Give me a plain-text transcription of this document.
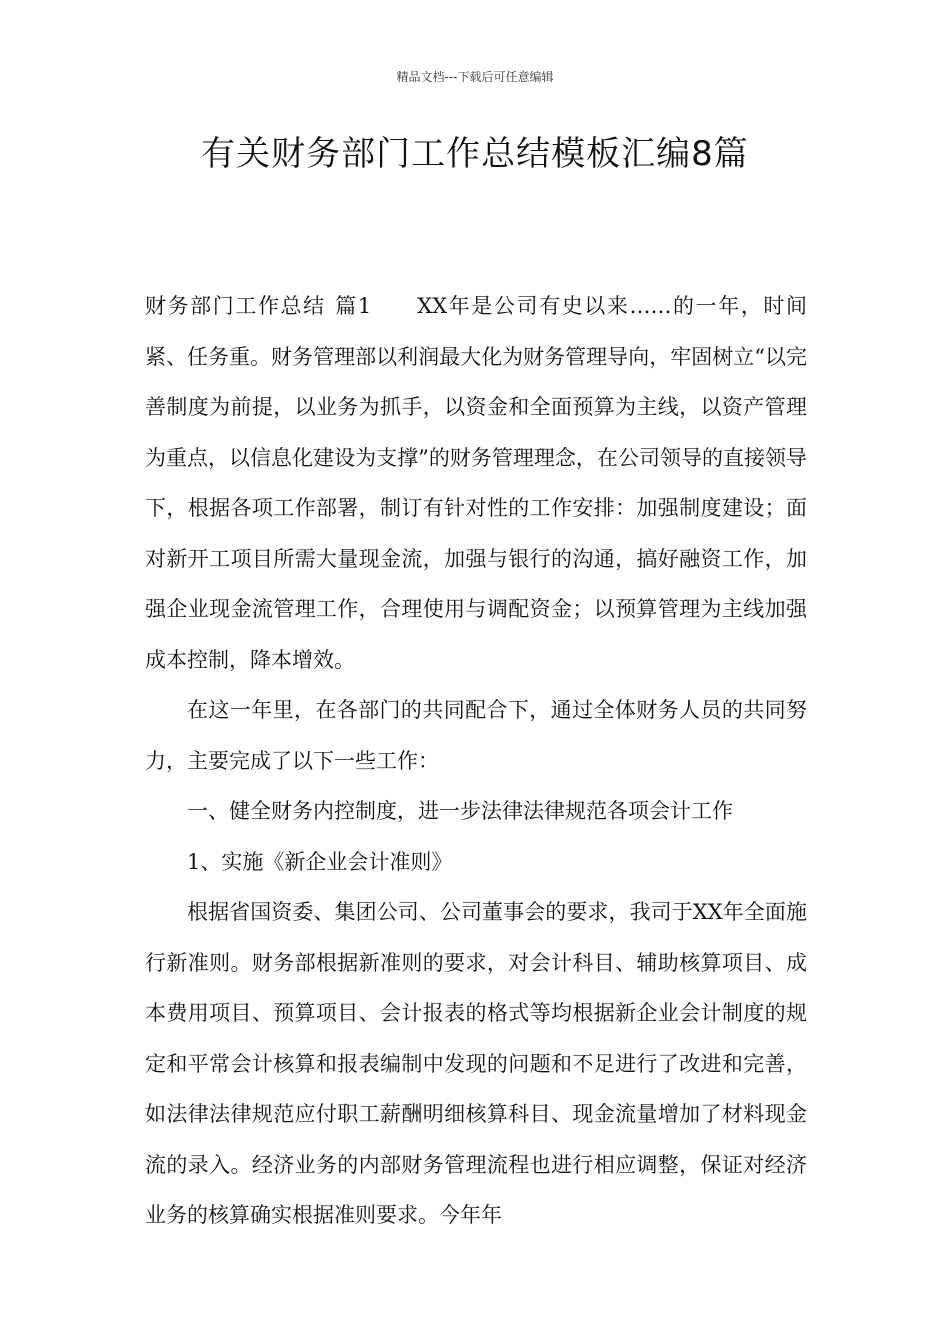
精品文档---下载后可任意编辑
有关财务部门工作总结模板汇编8篇

财务部门工作总结 篇1 XX年是公司有史以来……的一年，时间紧、任务重。财务管理部以利润最大化为财务管理导向，牢固树立“以完善制度为前提，以业务为抓手，以资金和全面预算为主线，以资产管理为重点，以信息化建设为支撑”的财务管理理念，在公司领导的直接领导下，根据各项工作部署，制订有针对性的工作安排：加强制度建设；面对新开工项目所需大量现金流，加强与银行的沟通，搞好融资工作，加强企业现金流管理工作，合理使用与调配资金；以预算管理为主线加强成本控制，降本增效。

在这一年里，在各部门的共同配合下，通过全体财务人员的共同努力，主要完成了以下一些工作：

一、健全财务内控制度，进一步法律法律规范各项会计工作

1、实施《新企业会计准则》

根据省国资委、集团公司、公司董事会的要求，我司于XX年全面施行新准则。财务部根据新准则的要求，对会计科目、辅助核算项目、成本费用项目、预算项目、会计报表的格式等均根据新企业会计制度的规定和平常会计核算和报表编制中发现的问题和不足进行了改进和完善，如法律法律规范应付职工薪酬明细核算科目、现金流量增加了材料现金流的录入。经济业务的内部财务管理流程也进行相应调整，保证对经济业务的核算确实根据准则要求。今年年
